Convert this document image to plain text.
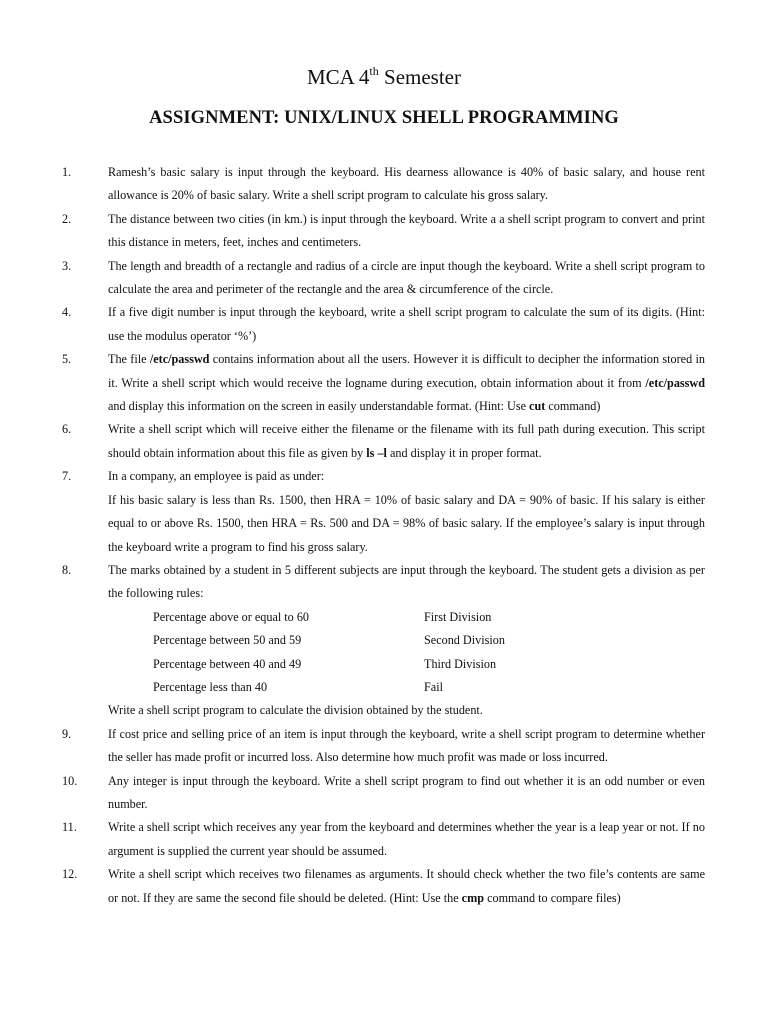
MCA 4th Semester
ASSIGNMENT: UNIX/LINUX SHELL PROGRAMMING
1.	Ramesh’s basic salary is input through the keyboard. His dearness allowance is 40% of basic salary, and house rent allowance is 20% of basic salary. Write a shell script program to calculate his gross salary.
2.	The distance between two cities (in km.) is input through the keyboard. Write a a shell script program to convert and print this distance in meters, feet, inches and centimeters.
3.	The length and breadth of a rectangle and radius of a circle are input though the keyboard. Write a shell script program to calculate the area and perimeter of the rectangle and the area & circumference of the circle.
4.	If a five digit number is input through the keyboard, write a shell script program to calculate the sum of its digits. (Hint: use the modulus operator ‘%’)
5.	The file /etc/passwd contains information about all the users. However it is difficult to decipher the information stored in it. Write a shell script which would receive the logname during execution, obtain information about it from /etc/passwd and display this information on the screen in easily understandable format. (Hint: Use cut command)
6.	Write a shell script which will receive either the filename or the filename with its full path during execution. This script should obtain information about this file as given by ls –l and display it in proper format.
7.	In a company, an employee is paid as under:
If his basic salary is less than Rs. 1500, then HRA = 10% of basic salary and DA = 90% of basic. If his salary is either equal to or above Rs. 1500, then HRA = Rs. 500 and DA = 98% of basic salary. If the employee’s salary is input through the keyboard write a program to find his gross salary.
8.	The marks obtained by a student in 5 different subjects are input through the keyboard. The student gets a division as per the following rules:
Percentage above or equal to 60	First Division
Percentage between 50 and 59	Second Division
Percentage between 40 and 49	Third Division
Percentage less than 40	Fail
Write a shell script program to calculate the division obtained by the student.
9.	If cost price and selling price of an item is input through the keyboard, write a shell script program to determine whether the seller has made profit or incurred loss. Also determine how much profit was made or loss incurred.
10.	Any integer is input through the keyboard. Write a shell script program to find out whether it is an odd number or even number.
11.	Write a shell script which receives any year from the keyboard and determines whether the year is a leap year or not. If no argument is supplied the current year should be assumed.
12.	Write a shell script which receives two filenames as arguments. It should check whether the two file’s contents are same or not. If they are same the second file should be deleted. (Hint: Use the cmp command to compare files)
